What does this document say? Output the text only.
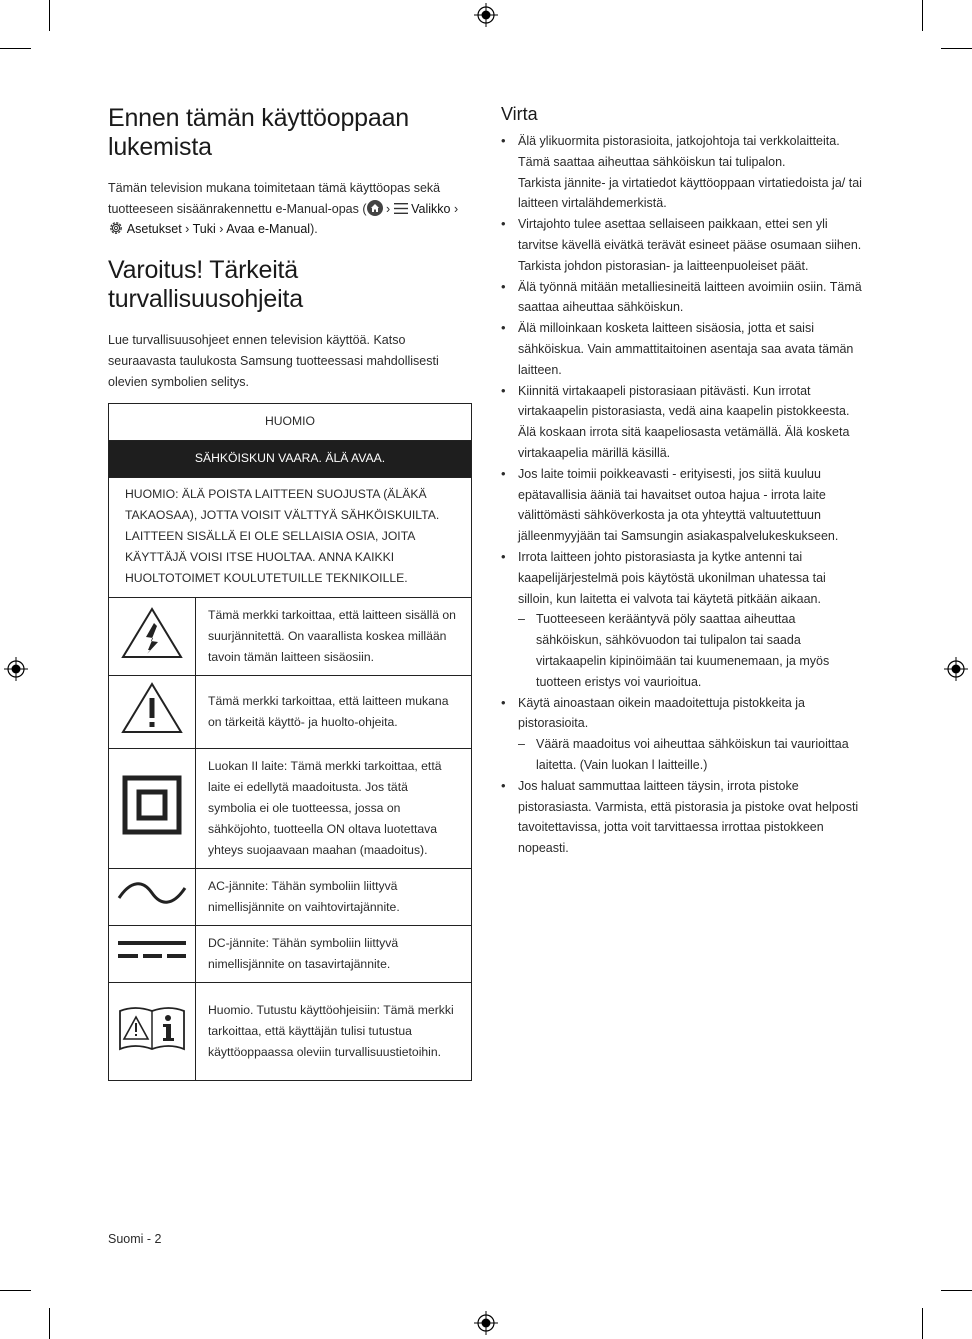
Ennen tämän käyttöoppaan
lukemista

Tämän television mukana toimitetaan tämä käyttöopas sekä tuotteeseen sisäänrakennettu e-Manual-opas ( › Valikko ›
Asetukset › Tuki › Avaa e-Manual).

Varoitus! Tärkeitä
turvallisuusohjeita

Lue turvallisuusohjeet ennen television käyttöä. Katso seuraavasta taulukosta Samsung tuotteessasi mahdollisesti olevien symbolien selitys.

HUOMIO	
SÄHKÖISKUN VAARA. ÄLÄ AVAA.	
HUOMIO: ÄLÄ POISTA LAITTEEN SUOJUSTA (ÄLÄKÄ TAKAOSAA), JOTTA VOISIT VÄLTTYÄ SÄHKÖISKUILTA. LAITTEEN SISÄLLÄ EI OLE SELLAISIA OSIA, JOITA KÄYTTÄJÄ VOISI ITSE HUOLTAA. ANNA KAIKKI HUOLTOTOIMET KOULUTETUILLE TEKNIKOILLE.	
	Tämä merkki tarkoittaa, että laitteen sisällä on suurjännitettä. On vaarallista koskea millään tavoin tämän laitteen sisäosiin.
	Tämä merkki tarkoittaa, että laitteen mukana on tärkeitä käyttö- ja huolto-ohjeita.
	Luokan II laite: Tämä merkki tarkoittaa, että laite ei edellytä maadoitusta. Jos tätä symbolia ei ole tuotteessa, jossa on sähköjohto, tuotteella ON oltava luotettava yhteys suojaavaan maahan (maadoitus).
	AC-jännite: Tähän symboliin liittyvä nimellisjännite on vaihtovirtajännite.
	DC-jännite: Tähän symboliin liittyvä nimellisjännite on tasavirtajännite.
	Huomio. Tutustu käyttöohjeisiin: Tämä merkki tarkoittaa, että käyttäjän tulisi tutustua käyttöoppaassa oleviin turvallisuustietoihin.
Virta
• Älä ylikuormita pistorasioita, jatkojohtoja tai verkkolaitteita. Tämä saattaa aiheuttaa sähköiskun tai tulipalon.
Tarkista jännite- ja virtatiedot käyttöoppaan virtatiedoista ja/ tai laitteen virtalähdemerkistä.
• Virtajohto tulee asettaa sellaiseen paikkaan, ettei sen yli tarvitse kävellä eivätkä terävät esineet pääse osumaan siihen. Tarkista johdon pistorasian- ja laitteenpuoleiset päät.
• Älä työnnä mitään metalliesineitä laitteen avoimiin osiin. Tämä saattaa aiheuttaa sähköiskun.
• Älä milloinkaan kosketa laitteen sisäosia, jotta et saisi sähköiskua. Vain ammattitaitoinen asentaja saa avata tämän laitteen.
• Kiinnitä virtakaapeli pistorasiaan pitävästi. Kun irrotat virtakaapelin pistorasiasta, vedä aina kaapelin pistokkeesta. Älä koskaan irrota sitä kaapeliosasta vetämällä. Älä kosketa virtakaapelia märillä käsillä.
• Jos laite toimii poikkeavasti - erityisesti, jos siitä kuuluu epätavallisia ääniä tai havaitset outoa hajua - irrota laite välittömästi sähköverkosta ja ota yhteyttä valtuutettuun jälleenmyyjään tai Samsungin asiakaspalvelukeskukseen.
• Irrota laitteen johto pistorasiasta ja kytke antenni tai kaapelijärjestelmä pois käytöstä ukonilman uhatessa tai silloin, kun laitetta ei valvota tai käytetä pitkään aikaan.
– Tuotteeseen kerääntyvä pöly saattaa aiheuttaa sähköiskun, sähkövuodon tai tulipalon tai saada virtakaapelin kipinöimään tai kuumenemaan, ja myös tuotteen eristys voi vaurioitua.
• Käytä ainoastaan oikein maadoitettuja pistokkeita ja pistorasioita.
– Väärä maadoitus voi aiheuttaa sähköiskun tai vaurioittaa laitetta. (Vain luokan l laitteille.)
• Jos haluat sammuttaa laitteen täysin, irrota pistoke pistorasiasta. Varmista, että pistorasia ja pistoke ovat helposti tavoitettavissa, jotta voit tarvittaessa irrottaa pistokkeen nopeasti.
Suomi - 2
